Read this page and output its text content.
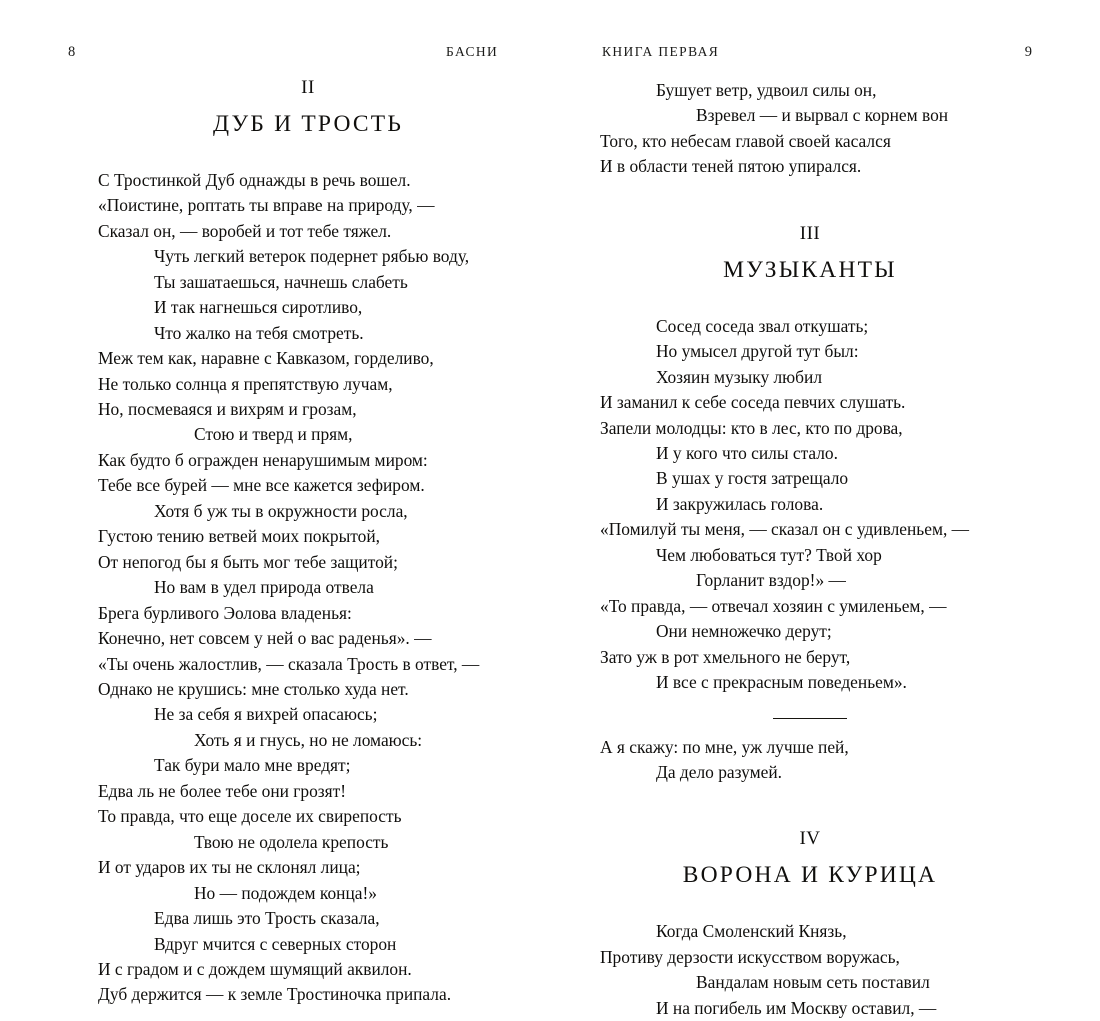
8	БАСНИ	КНИГА ПЕРВАЯ	9
II
ДУБ И ТРОСТЬ
С Тростинкой Дуб однажды в речь вошел.
«Поистине, роптать ты вправе на природу, —
Сказал он, — воробей и тот тебе тяжел.
Чуть легкий ветерок подернет рябью воду,
Ты зашатаешься, начнешь слабеть
И так нагнешься сиротливо,
Что жалко на тебя смотреть.
Меж тем как, наравне с Кавказом, горделиво,
Не только солнца я препятствую лучам,
Но, посмеваяся и вихрям и грозам,
Стою и тверд и прям,
Как будто б огражден ненарушимым миром:
Тебе все бурей — мне все кажется зефиром.
Хотя б уж ты в окружности росла,
Густою тению ветвей моих покрытой,
От непогод бы я быть мог тебе защитой;
Но вам в удел природа отвела
Брега бурливого Эолова владенья:
Конечно, нет совсем у ней о вас раденья». —
«Ты очень жалостлив, — сказала Трость в ответ, —
Однако не крушись: мне столько худа нет.
Не за себя я вихрей опасаюсь;
Хоть я и гнусь, но не ломаюсь:
Так бури мало мне вредят;
Едва ль не более тебе они грозят!
То правда, что еще доселе их свирепость
Твою не одолела крепость
И от ударов их ты не склонял лица;
Но — подождем конца!»
Едва лишь это Трость сказала,
Вдруг мчится с северных сторон
И с градом и с дождем шумящий аквилон.
Дуб держится — к земле Тростиночка припала.
Бушует ветр, удвоил силы он,
Взревел — и вырвал с корнем вон
Того, кто небесам главой своей касался
И в области теней пятою упирался.
III
МУЗЫКАНТЫ
Сосед соседа звал откушать;
Но умысел другой тут был:
Хозяин музыку любил
И заманил к себе соседа певчих слушать.
Запели молодцы: кто в лес, кто по дрова,
И у кого что силы стало.
В ушах у гостя затрещало
И закружилась голова.
«Помилуй ты меня, — сказал он с удивленьем, —
Чем любоваться тут? Твой хор
Горланит вздор!» —
«То правда, — отвечал хозяин с умиленьем, —
Они немножечко дерут;
Зато уж в рот хмельного не берут,
И все с прекрасным поведеньем».
А я скажу: по мне, уж лучше пей,
Да дело разумей.
IV
ВОРОНА И КУРИЦА
Когда Смоленский Князь,
Противу дерзости искусством воружась,
Вандалам новым сеть поставил
И на погибель им Москву оставил, —
